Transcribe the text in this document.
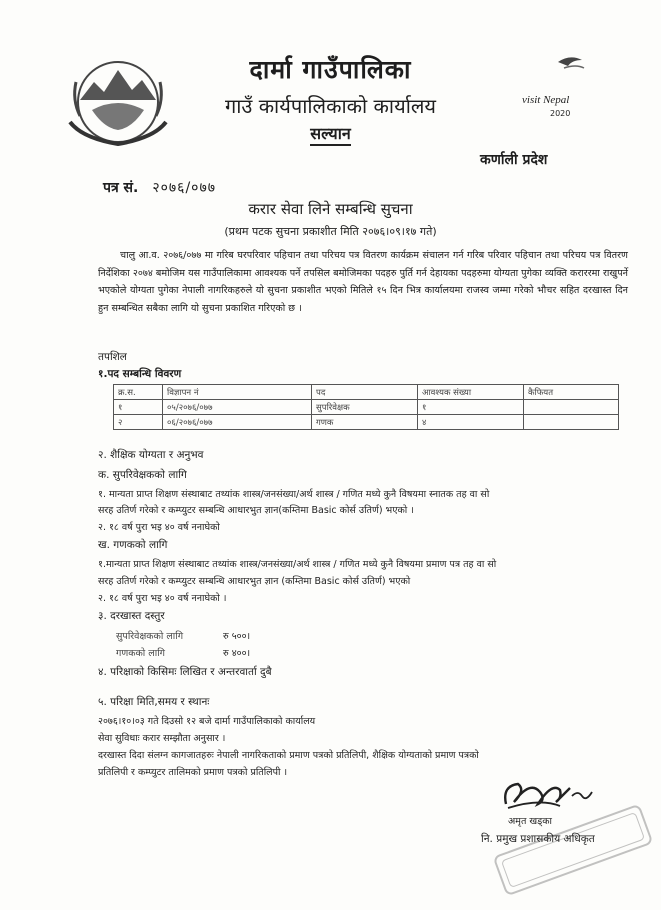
visit Nepal
2020
दार्मा गाउँपालिका
गाउँ कार्यपालिकाको कार्यालय
सल्यान
कर्णाली प्रदेश
पत्र सं. २०७६/०७७
करार सेवा लिने सम्बन्धि सुचना
(प्रथम पटक सुचना प्रकाशीत मिति २०७६।०९।१७ गते)
चालु आ.व. २०७६/०७७ मा गरिब घरपरिवार पहिचान तथा परिचय पत्र वितरण कार्यक्रम संचालन गर्न गरिब परिवार पहिचान तथा परिचय पत्र वितरण निर्देशिका २०७४ बमोजिम यस गाउँपालिकामा आवश्यक पर्ने तपसिल बमोजिमका पदहरु पुर्ति गर्न देहायका पदहरुमा योग्यता पुगेका व्यक्ति कराररमा राखुपर्ने भएकोले योग्यता पुगेका नेपाली नागरिकहरुले यो सुचना प्रकाशीत भएको मितिले १५ दिन भित्र कार्यालयमा राजस्व जम्मा गरेको भौचर सहित दरखास्त दिन हुन सम्बन्धित सबैका लागि यो सुचना प्रकाशित गरिएको छ ।
तपशिल
१.पद सम्बन्धि विवरण
क्र.स.	विज्ञापन नं	पद	आवश्यक संख्या	कैफियत
१	०५/२०७६/०७७	सुपरिवेक्षक	१	
२	०६/२०७६/०७७	गणक	४	
२. शैक्षिक योग्यता र अनुभव
क. सुपरिवेक्षकको लागि
१. मान्यता प्राप्त शिक्षण संस्थाबाट तथ्यांक शास्त्र/जनसंख्या/अर्थ शास्त्र / गणित मध्ये कुनै विषयमा स्नातक तह वा सो
सरह उतिर्ण गरेको र कम्प्युटर सम्बन्धि आधारभुत ज्ञान(कम्तिमा Basic कोर्स उतिर्ण) भएको ।
२. १८ वर्ष पुरा भइ ४० वर्ष ननाघेको
ख. गणकको लागि
१.मान्यता प्राप्त शिक्षण संस्थाबाट तथ्यांक शास्त्र/जनसंख्या/अर्थ शास्त्र / गणित मध्ये कुनै विषयमा प्रमाण पत्र तह वा सो
सरह उतिर्ण गरेको र कम्प्युटर सम्बन्धि आधारभुत ज्ञान (कम्तिमा Basic कोर्स उतिर्ण) भएको
२. १८ वर्ष पुरा भइ ४० वर्ष ननाघेको ।
३. दरखास्त दस्तुर
सुपरिवेक्षकको लागि	रु ५००।
गणकको लागि	रु ४००।
४. परिक्षाको किसिमः लिखित र अन्तरवार्ता दुबै
५. परिक्षा मिति,समय र स्थानः
२०७६।१०।०३ गते दिउसो १२ बजे दार्मा गाउँपालिकाको कार्यालय
सेवा सुविधाः करार सम्झौता अनुसार ।
दरखास्त दिदा संलग्न कागजातहरुः नेपाली नागरिकताको प्रमाण पत्रको प्रतिलिपी, शैक्षिक योग्यताको प्रमाण पत्रको
प्रतिलिपी र कम्प्युटर तालिमको प्रमाण पत्रको प्रतिलिपी ।
अमृत खड्का
नि. प्रमुख प्रशासकीय अधिकृत
